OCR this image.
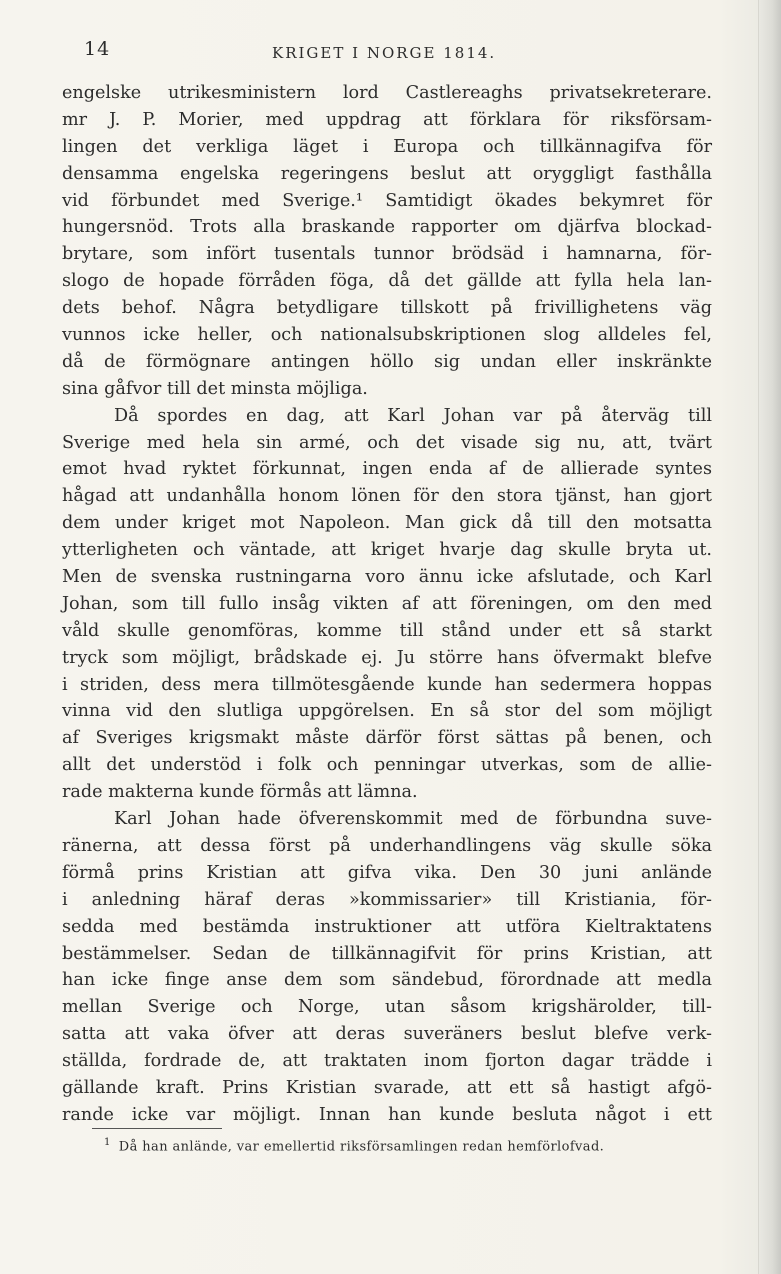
14	KRIGET I NORGE 1814.
engelske utrikesministern lord Castlereaghs privatsekreterare.
mr J. P. Morier, med uppdrag att förklara för riksförsam-
lingen det verkliga läget i Europa och tillkännagifva för
densamma engelska regeringens beslut att oryggligt fasthålla
vid förbundet med Sverige.¹ Samtidigt ökades bekymret för
hungersnöd. Trots alla braskande rapporter om djärfva blockad-
brytare, som infört tusentals tunnor brödsäd i hamnarna, för-
slogo de hopade förråden föga, då det gällde att fylla hela lan-
dets behof. Några betydligare tillskott på frivillighetens väg
vunnos icke heller, och nationalsubskriptionen slog alldeles fel,
då de förmögnare antingen höllo sig undan eller inskränkte
sina gåfvor till det minsta möjliga.
Då spordes en dag, att Karl Johan var på återväg till
Sverige med hela sin armé, och det visade sig nu, att, tvärt
emot hvad ryktet förkunnat, ingen enda af de allierade syntes
hågad att undanhålla honom lönen för den stora tjänst, han gjort
dem under kriget mot Napoleon. Man gick då till den motsatta
ytterligheten och väntade, att kriget hvarje dag skulle bryta ut.
Men de svenska rustningarna voro ännu icke afslutade, och Karl
Johan, som till fullo insåg vikten af att föreningen, om den med
våld skulle genomföras, komme till stånd under ett så starkt
tryck som möjligt, brådskade ej. Ju större hans öfvermakt blefve
i striden, dess mera tillmötesgående kunde han sedermera hoppas
vinna vid den slutliga uppgörelsen. En så stor del som möjligt
af Sveriges krigsmakt måste därför först sättas på benen, och
allt det understöd i folk och penningar utverkas, som de allie-
rade makterna kunde förmås att lämna.
Karl Johan hade öfverenskommit med de förbundna suve-
ränerna, att dessa först på underhandlingens väg skulle söka
förmå prins Kristian att gifva vika. Den 30 juni anlände
i anledning häraf deras »kommissarier» till Kristiania, för-
sedda med bestämda instruktioner att utföra Kieltraktatens
bestämmelser. Sedan de tillkännagifvit för prins Kristian, att
han icke finge anse dem som sändebud, förordnade att medla
mellan Sverige och Norge, utan såsom krigshärolder, till-
satta att vaka öfver att deras suveräners beslut blefve verk-
ställda, fordrade de, att traktaten inom fjorton dagar trädde i
gällande kraft. Prins Kristian svarade, att ett så hastigt afgö-
rande icke var möjligt. Innan han kunde besluta något i ett
$^1$ Då han anlände, var emellertid riksförsamlingen redan hemförlofvad.
